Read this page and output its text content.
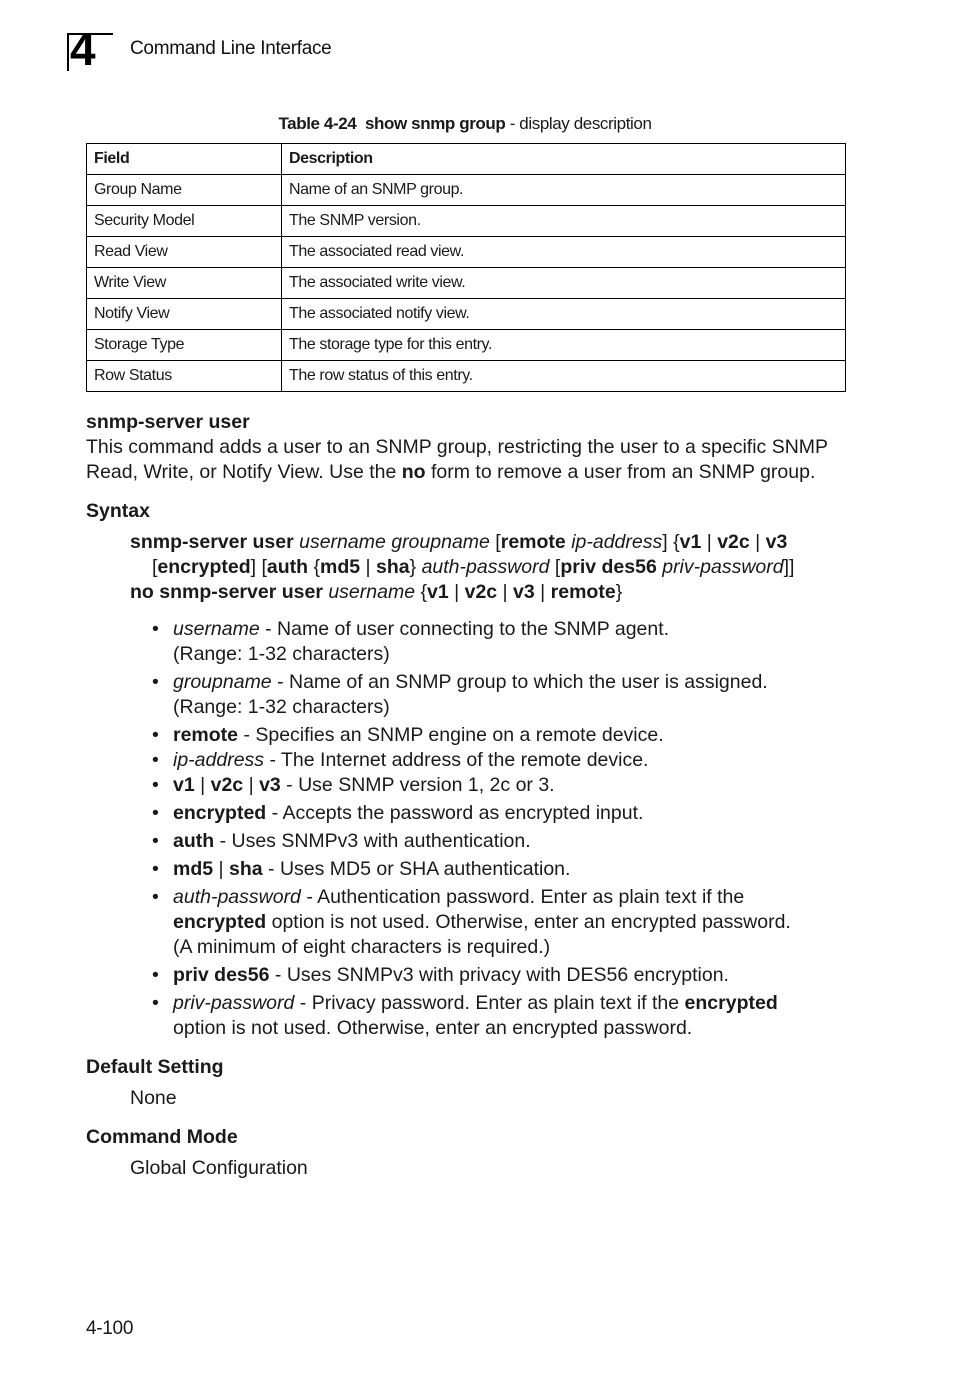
4 Command Line Interface
Table 4-24 show snmp group - display description
Field	Description
Group Name	Name of an SNMP group.
Security Model	The SNMP version.
Read View	The associated read view.
Write View	The associated write view.
Notify View	The associated notify view.
Storage Type	The storage type for this entry.
Row Status	The row status of this entry.

snmp-server user

This command adds a user to an SNMP group, restricting the user to a specific SNMP Read, Write, or Notify View. Use the no form to remove a user from an SNMP group.

Syntax

snmp-server user username groupname [remote ip-address] {v1 | v2c | v3
[encrypted] [auth {md5 | sha} auth-password [priv des56 priv-password]]
no snmp-server user username {v1 | v2c | v3 | remote}
• username - Name of user connecting to the SNMP agent.
(Range: 1-32 characters)
• groupname - Name of an SNMP group to which the user is assigned.
(Range: 1-32 characters)
• remote - Specifies an SNMP engine on a remote device.
• ip-address - The Internet address of the remote device.
• v1 | v2c | v3 - Use SNMP version 1, 2c or 3.
• encrypted - Accepts the password as encrypted input.
• auth - Uses SNMPv3 with authentication.
• md5 | sha - Uses MD5 or SHA authentication.
• auth-password - Authentication password. Enter as plain text if the
encrypted option is not used. Otherwise, enter an encrypted password.
(A minimum of eight characters is required.)
• priv des56 - Uses SNMPv3 with privacy with DES56 encryption.
• priv-password - Privacy password. Enter as plain text if the encrypted
option is not used. Otherwise, enter an encrypted password.

Default Setting

None

Command Mode

Global Configuration

4-100
